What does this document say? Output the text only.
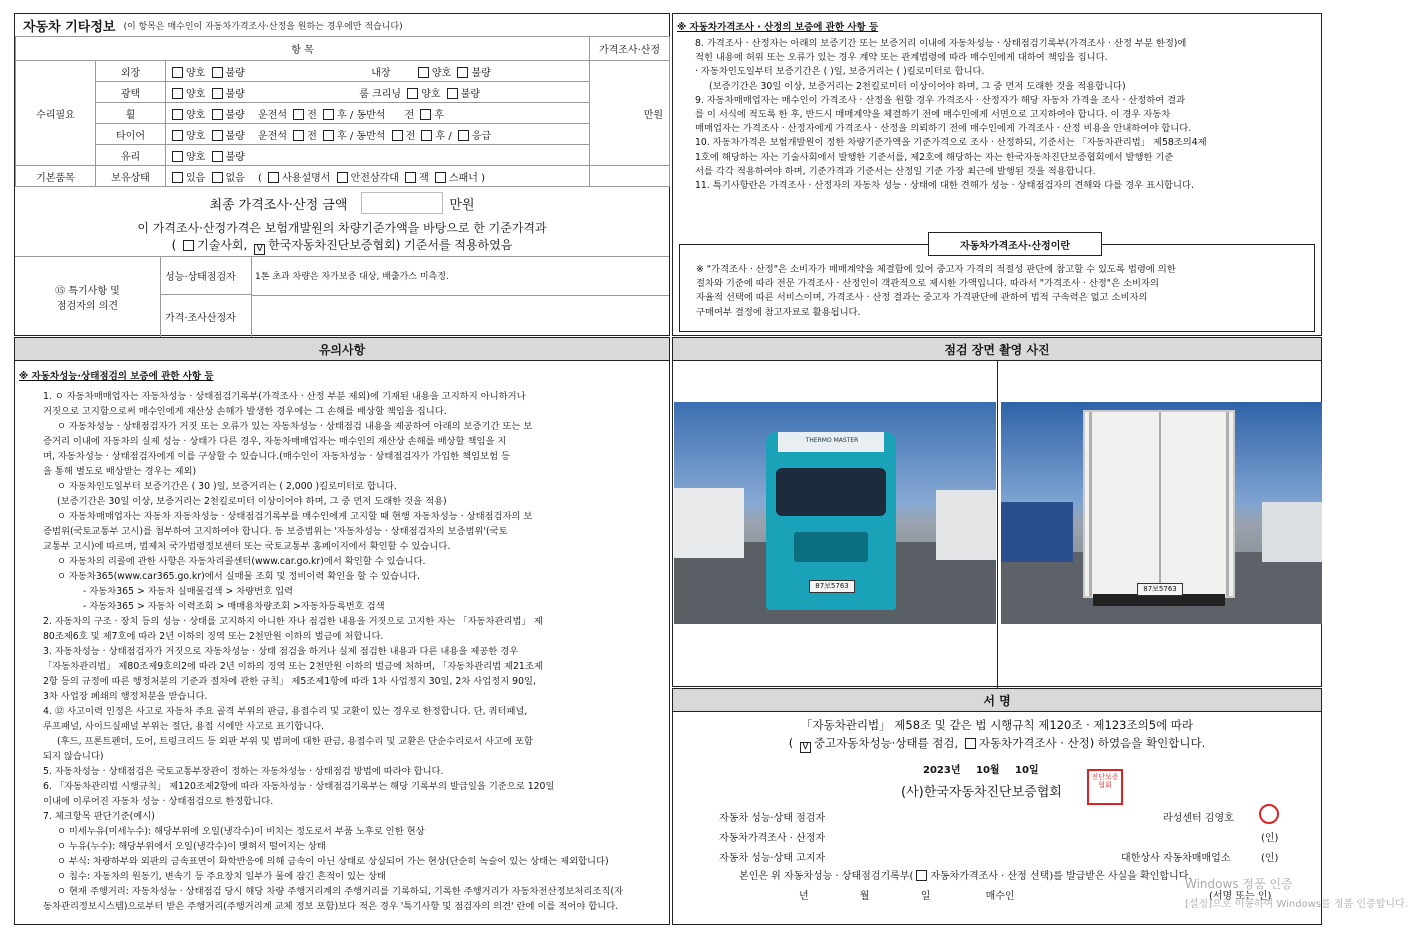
자동차 기타정보 (이 항목은 매수인이 자동차가격조사·산정을 원하는 경우에만 적습니다)
항 목			가격조사·산정
수리필요	외장	양호 불량 내장 양호 불량	만원
	광택	양호 불량 룸 크리닝 양호 불량	
	휠	양호 불량 운전석 전 후 / 동반석 전 후	
	타이어	양호 불량 운전석 전 후 / 동반석 전 후 / 응급	
	유리	양호 불량	
기본품목	보유상태	있음 없음 ( 사용설명서 안전삼각대 잭 스패너 )	
최종 가격조사·산정 금액	만원
이 가격조사·산정가격은 보험개발원의 차량기준가액을 바탕으로 한 기준가격과
( 기술사회, V 한국자동차진단보증협회) 기준서를 적용하였음
⑮ 특기사항 및
점검자의 의견
성능·상태점검자	1톤 초과 차량은 자가보증 대상, 배출가스 미측정.
가격·조사산정자
※ 자동차가격조사 · 산정의 보증에 관한 사항 등
8. 가격조사 · 산정자는 아래의 보증기간 또는 보증거리 이내에 자동차성능 · 상태점검기록부(가격조사 · 산정 부분 한정)에
적힌 내용에 허위 또는 오류가 있는 경우 계약 또는 관계법령에 따라 매수인에게 대하여 책임을 집니다.
· 자동차인도일부터 보증기간은 ( )일, 보증거리는 ( )킬로미터로 합니다.
(보증기간은 30일 이상, 보증거리는 2천킬로미터 이상이어야 하며, 그 중 먼저 도래한 것을 적용합니다)
9. 자동차매매업자는 매수인이 가격조사 · 산정을 원할 경우 가격조사 · 산정자가 해당 자동차 가격을 조사 · 산정하여 결과
를 이 서식에 적도록 한 후, 반드시 매매계약을 체결하기 전에 매수인에게 서면으로 고지하여야 합니다. 이 경우 자동차
매매업자는 가격조사 · 산정자에게 가격조사 · 산정을 의뢰하기 전에 매수인에게 가격조사 · 산정 비용을 안내하여야 합니다.
10. 자동차가격은 보험개발원이 정한 차량기준가액을 기준가격으로 조사 · 산정하되, 기준서는 「자동차관리법」 제58조의4제
1호에 해당하는 자는 기술사회에서 발행한 기준서를, 제2호에 해당하는 자는 한국자동차진단보증협회에서 발행한 기준
서를 각각 적용하여야 하며, 기준가격과 기준서는 산정일 기준 가장 최근에 발행된 것을 적용합니다.
11. 특기사항란은 가격조사 · 산정자의 자동차 성능 · 상태에 대한 견해가 성능 · 상태점검자의 견해와 다를 경우 표시합니다.
자동차가격조사·산정이란
※ "가격조사 · 산정"은 소비자가 매매계약을 체결함에 있어 중고자 가격의 적절성 판단에 참고할 수 있도록 법령에 의한
절차와 기준에 따라 전문 가격조사 · 산정인이 객관적으로 제시한 가액입니다. 따라서 "가격조사 · 산정"은 소비자의
자율적 선택에 따른 서비스이며, 가격조사 · 산정 결과는 중고자 가격판단에 관하여 법적 구속력은 없고 소비자의
구매여부 결정에 참고자료로 활용됩니다.
유의사항
※ 자동차성능·상태점검의 보증에 관한 사항 등
1. ㅇ 자동차매매업자는 자동차성능 · 상태점검기록부(가격조사 · 산정 부분 제외)에 기재된 내용을 고지하지 아니하거나
거짓으로 고지함으로써 매수인에게 재산상 손해가 발생한 경우에는 그 손해를 배상할 책임을 집니다.
ㅇ 자동차성능 · 상태점검자가 거짓 또는 오류가 있는 자동차성능 · 상태점검 내용을 제공하여 아래의 보증기간 또는 보
증거리 이내에 자동차의 실제 성능 · 상태가 다른 경우, 자동차매매업자는 매수인의 재산상 손해를 배상할 책임을 지
며, 자동차성능 · 상태점검자에게 이를 구상할 수 있습니다.(매수인이 자동차성능 · 상태점검자가 가입한 책임보험 등
을 통해 별도로 배상받는 경우는 제외)
ㅇ 자동차인도일부터 보증기간은 ( 30 )일, 보증거리는 ( 2,000 )킬로미터로 합니다.
(보증기간은 30일 이상, 보증거리는 2천킬로미터 이상이어야 하며, 그 중 먼저 도래한 것을 적용)
ㅇ 자동차매매업자는 자동차 자동차성능 · 상태점검기록부를 매수인에게 고지할 때 현행 자동차성능 · 상태점검자의 보
증범위(국토교통부 고시)를 첨부하여 고지하여야 합니다. 동 보증범위는 '자동차성능 · 상태점검자의 보증범위'(국토
교통부 고시)에 따르며, 법제처 국가법령정보센터 또는 국토교통부 홈페이지에서 확인할 수 있습니다.
ㅇ 자동차의 리콜에 관한 사항은 자동차리콜센터(www.car.go.kr)에서 확인할 수 있습니다.
ㅇ 자동차365(www.car365.go.kr)에서 실매물 조회 및 정비이력 확인을 할 수 있습니다.
- 자동차365 > 자동차 실매물검색 > 차량번호 입력
- 자동차365 > 자동차 이력조회 > 매매용차량조회 >자동차등록번호 검색
2. 자동차의 구조 · 장치 등의 성능 · 상태를 고지하지 아니한 자나 점검한 내용을 거짓으로 고지한 자는 「자동차관리법」 제
80조제6호 및 제7호에 따라 2년 이하의 징역 또는 2천만원 이하의 벌금에 처합니다.
3. 자동차성능 · 상태점검자가 거짓으로 자동차성능 · 상태 점검을 하거나 실제 점검한 내용과 다른 내용을 제공한 경우
「자동차관리법」 제80조제9호의2에 따라 2년 이하의 징역 또는 2천만원 이하의 벌금에 처하며, 「자동차관리법 제21조제
2항 등의 규정에 따른 행정처분의 기준과 절차에 관한 규칙」 제5조제1항에 따라 1차 사업정지 30일, 2차 사업정지 90일,
3차 사업장 폐쇄의 행정처분을 받습니다.
4. ⑫ 사고이력 인정은 사고로 자동차 주요 골격 부위의 판금, 용접수리 및 교환이 있는 경우로 한정합니다. 단, 쿼터패널,
루프패널, 사이드실패널 부위는 절단, 용접 시에만 사고로 표기합니다.
(후드, 프론트펜더, 도어, 트렁크리드 등 외판 부위 및 범퍼에 대한 판금, 용접수리 및 교환은 단순수리로서 사고에 포함
되지 않습니다)
5. 자동차성능 · 상태점검은 국토교통부장관이 정하는 자동차성능 · 상태점검 방법에 따라야 합니다.
6. 「자동차관리법 시행규칙」 제120조제2항에 따라 자동차성능 · 상태점검기록부는 해당 기록부의 발급일을 기준으로 120일
이내에 이루어진 자동차 성능 · 상태점검으로 한정합니다.
7. 체크항목 판단기준(예시)
ㅇ 미세누유(미세누수): 해당부위에 오일(냉각수)이 비치는 정도로서 부품 노후로 인한 현상
ㅇ 누유(누수): 해당부위에서 오일(냉각수)이 맺혀서 떨어지는 상태
ㅇ 부식: 차량하부와 외판의 금속표면이 화학반응에 의해 금속이 아닌 상태로 상실되어 가는 현상(단순히 녹슬어 있는 상태는 제외합니다)
ㅇ 침수: 자동차의 원동기, 변속기 등 주요장치 일부가 물에 잠긴 흔적이 있는 상태
ㅇ 현재 주행거리: 자동차성능 · 상태점검 당시 해당 차량 주행거리계의 주행거리를 기록하되, 기록한 주행거리가 자동차전산정보처리조직(자
동차관리정보시스템)으로부터 받은 주행거리(주행거리계 교체 정보 포함)보다 적은 경우 '특기사항 및 점검자의 의견' 란에 이를 적어야 합니다.
점검 장면 촬영 사진
THERMO MASTER
87보5763	87보5763
서 명
「자동차관리법」 제58조 및 같은 법 시행규칙 제120조 · 제123조의5에 따라
( V 중고자동차성능·상태를 점검, 자동차가격조사 · 산정) 하였음을 확인합니다.
2023년 10월 10일
(사)한국자동차진단보증협회
진단보증협회
자동차 성능·상태 점검자	라성센터 김영호
자동차가격조사 · 산정자	(인)
자동차 성능·상태 고지자	대한상사 자동차매매업소	(인)
본인은 위 자동차성능 · 상태점검기록부( 자동차가격조사 · 산정 선택)를 발급받은 사실을 확인합니다.
년	월	일	매수인	(서명 또는 인)
Windows 정품 인증
[설정]으로 이동하여 Windows를 정품 인증합니다.
